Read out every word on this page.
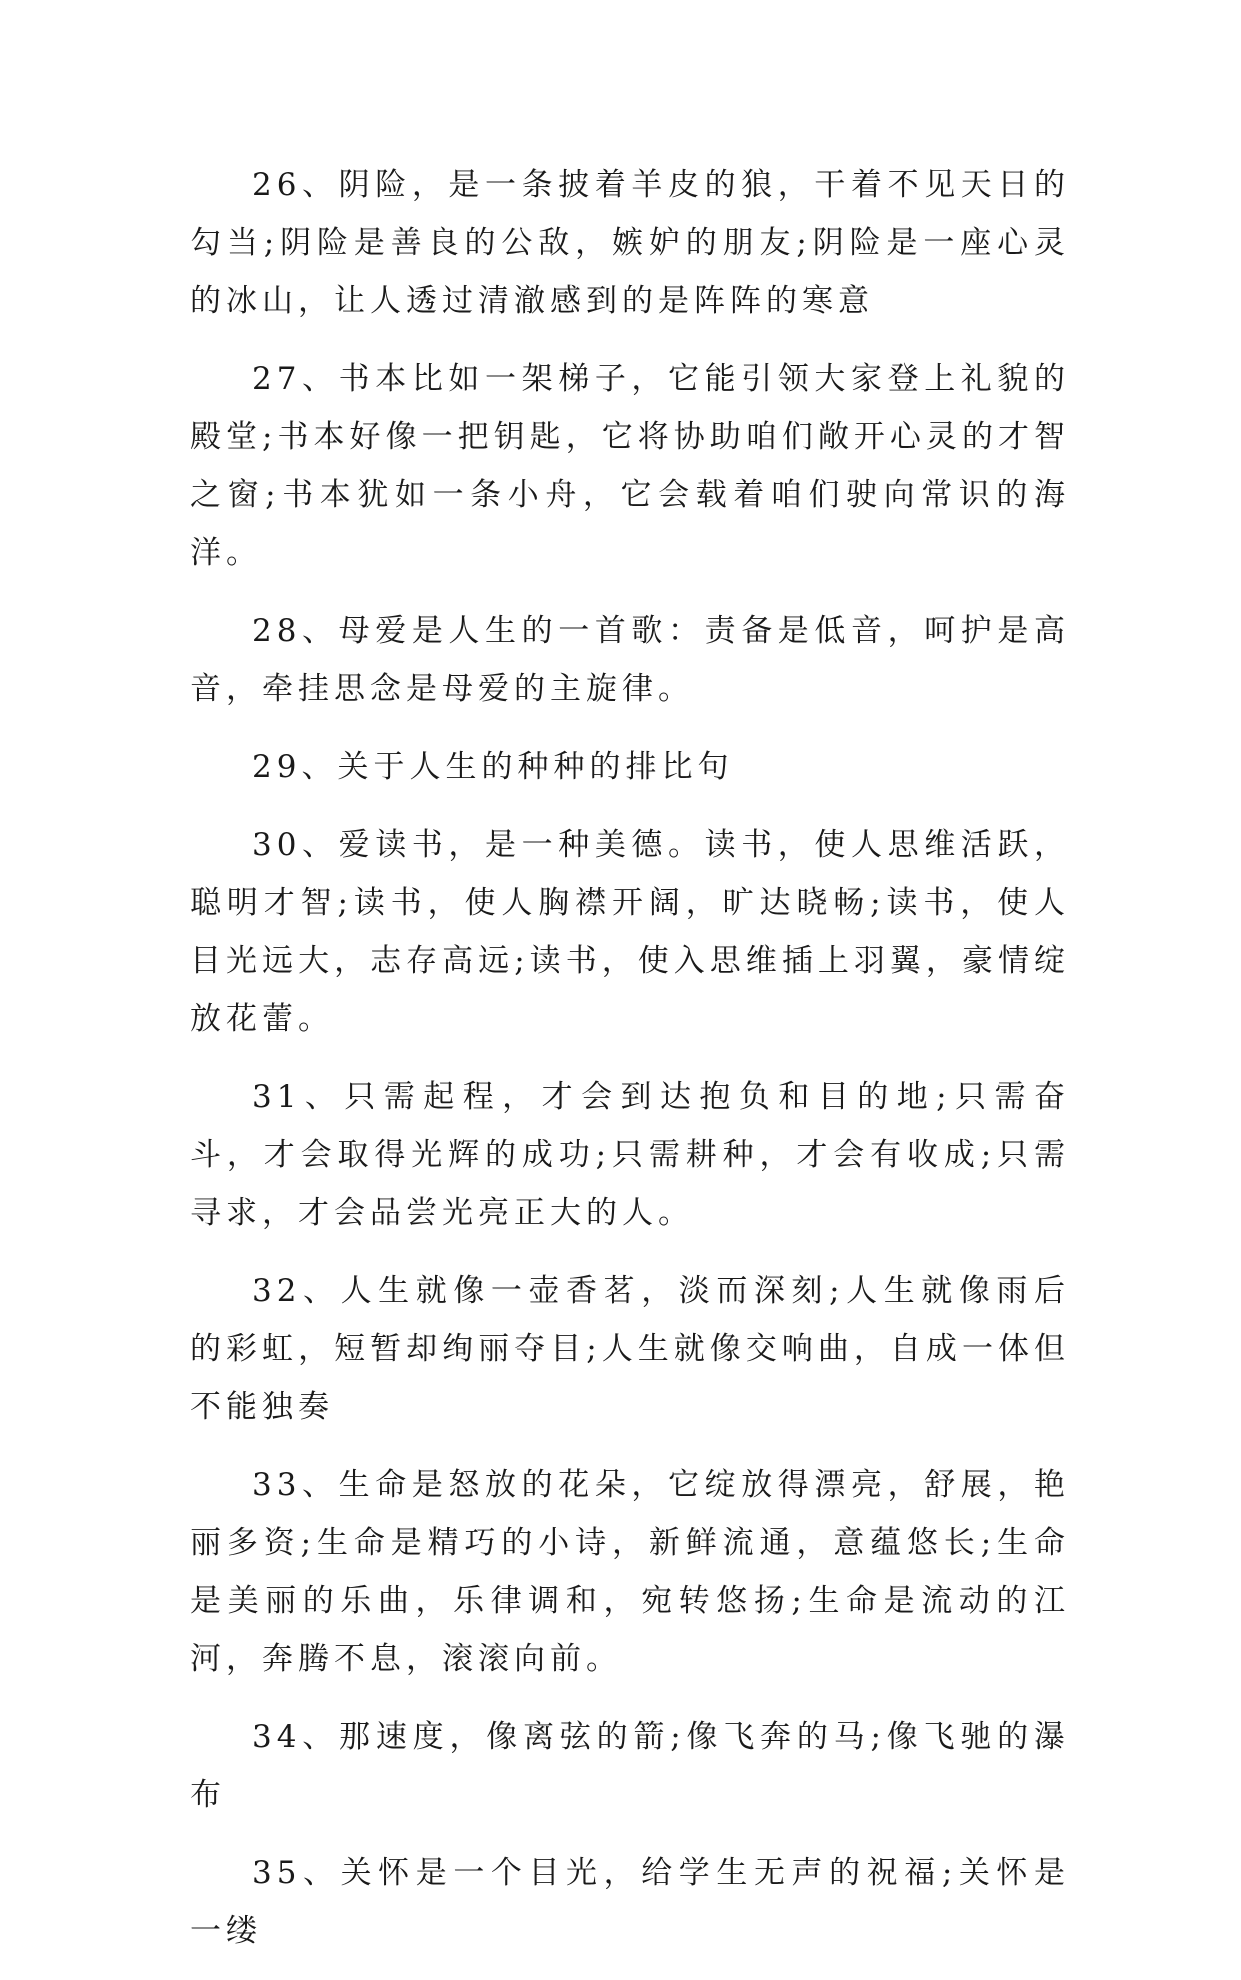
26、阴险，是一条披着羊皮的狼，干着不见天日的勾当;阴险是善良的公敌，嫉妒的朋友;阴险是一座心灵的冰山，让人透过清澈感到的是阵阵的寒意

27、书本比如一架梯子，它能引领大家登上礼貌的殿堂;书本好像一把钥匙，它将协助咱们敞开心灵的才智之窗;书本犹如一条小舟，它会载着咱们驶向常识的海洋。

28、母爱是人生的一首歌：责备是低音，呵护是高音，牵挂思念是母爱的主旋律。

29、关于人生的种种的排比句

30、爱读书，是一种美德。读书，使人思维活跃，聪明才智;读书，使人胸襟开阔，旷达晓畅;读书，使人目光远大，志存高远;读书，使入思维插上羽翼，豪情绽放花蕾。

31、只需起程，才会到达抱负和目的地;只需奋斗，才会取得光辉的成功;只需耕种，才会有收成;只需寻求，才会品尝光亮正大的人。

32、人生就像一壶香茗，淡而深刻;人生就像雨后的彩虹，短暂却绚丽夺目;人生就像交响曲，自成一体但不能独奏

33、生命是怒放的花朵，它绽放得漂亮，舒展，艳丽多资;生命是精巧的小诗，新鲜流通，意蕴悠长;生命是美丽的乐曲，乐律调和，宛转悠扬;生命是流动的江河，奔腾不息，滚滚向前。

34、那速度，像离弦的箭;像飞奔的马;像飞驰的瀑布

35、关怀是一个目光，给学生无声的祝福;关怀是一缕
